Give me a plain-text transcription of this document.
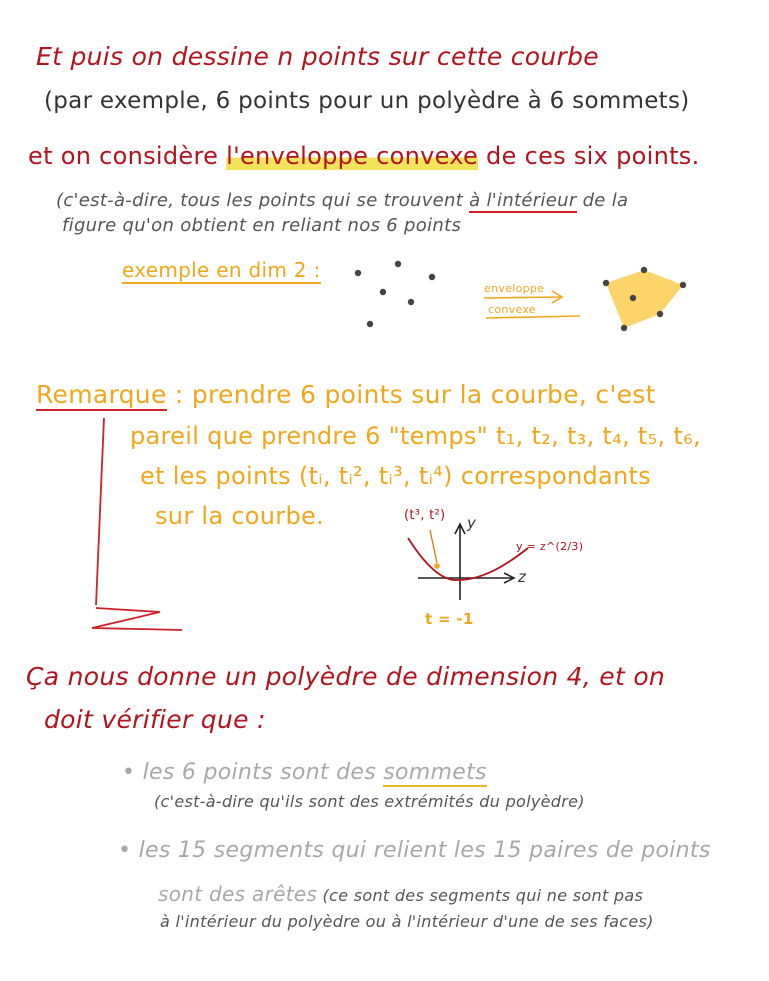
Et puis on dessine n points sur cette courbe
(par exemple, 6 points pour un polyèdre à 6 sommets)
et on considère l'enveloppe convexe de ces six points.
(c'est-à-dire, tous les points qui se trouvent à l'intérieur de la
figure qu'on obtient en reliant nos 6 points
exemple en dim 2 :
enveloppe
convexe
Remarque : prendre 6 points sur la courbe, c'est
pareil que prendre 6 "temps" t₁, t₂, t₃, t₄, t₅, t₆,
et les points (tᵢ, tᵢ², tᵢ³, tᵢ⁴) correspondants
sur la courbe.	(t³, t²) y
z
y = z^(2/3)
t = -1
Ça nous donne un polyèdre de dimension 4, et on
doit vérifier que :
• les 6 points sont des sommets
(c'est-à-dire qu'ils sont des extrémités du polyèdre)
• les 15 segments qui relient les 15 paires de points
sont des arêtes (ce sont des segments qui ne sont pas
à l'intérieur du polyèdre ou à l'intérieur d'une de ses faces)
